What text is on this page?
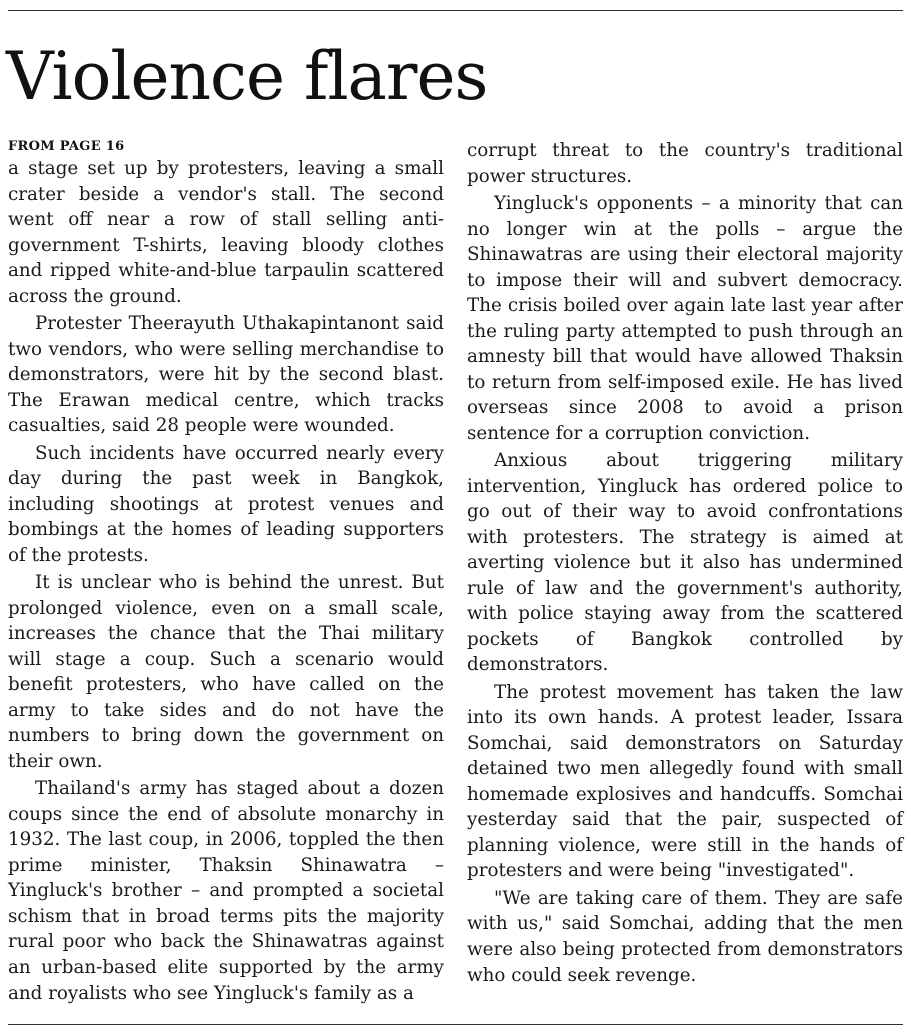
Violence flares
FROM PAGE 16

a stage set up by protesters, leaving a small crater beside a vendor's stall. The second went off near a row of stall selling anti-government T-shirts, leaving bloody clothes and ripped white-and-blue tarpaulin scattered across the ground.

Protester Theerayuth Uthakapintanont said two vendors, who were selling merchandise to demonstrators, were hit by the second blast. The Erawan medical centre, which tracks casualties, said 28 people were wounded.

Such incidents have occurred nearly every day during the past week in Bangkok, including shootings at protest venues and bombings at the homes of leading supporters of the protests.

It is unclear who is behind the unrest. But prolonged violence, even on a small scale, increases the chance that the Thai military will stage a coup. Such a scenario would benefit protesters, who have called on the army to take sides and do not have the numbers to bring down the government on their own.

Thailand's army has staged about a dozen coups since the end of absolute monarchy in 1932. The last coup, in 2006, toppled the then prime minister, Thaksin Shinawatra – Yingluck's brother – and prompted a societal schism that in broad terms pits the majority rural poor who back the Shinawatras against an urban-based elite supported by the army and royalists who see Yingluck's family as a

corrupt threat to the country's traditional power structures.

Yingluck's opponents – a minority that can no longer win at the polls – argue the Shinawatras are using their electoral majority to impose their will and subvert democracy. The crisis boiled over again late last year after the ruling party attempted to push through an amnesty bill that would have allowed Thaksin to return from self-imposed exile. He has lived overseas since 2008 to avoid a prison sentence for a corruption conviction.

Anxious about triggering military intervention, Yingluck has ordered police to go out of their way to avoid confrontations with protesters. The strategy is aimed at averting violence but it also has undermined rule of law and the government's authority, with police staying away from the scattered pockets of Bangkok controlled by demonstrators.

The protest movement has taken the law into its own hands. A protest leader, Issara Somchai, said demonstrators on Saturday detained two men allegedly found with small homemade explosives and handcuffs. Somchai yesterday said that the pair, suspected of planning violence, were still in the hands of protesters and were being "investigated".

"We are taking care of them. They are safe with us," said Somchai, adding that the men were also being protected from demonstrators who could seek revenge.
